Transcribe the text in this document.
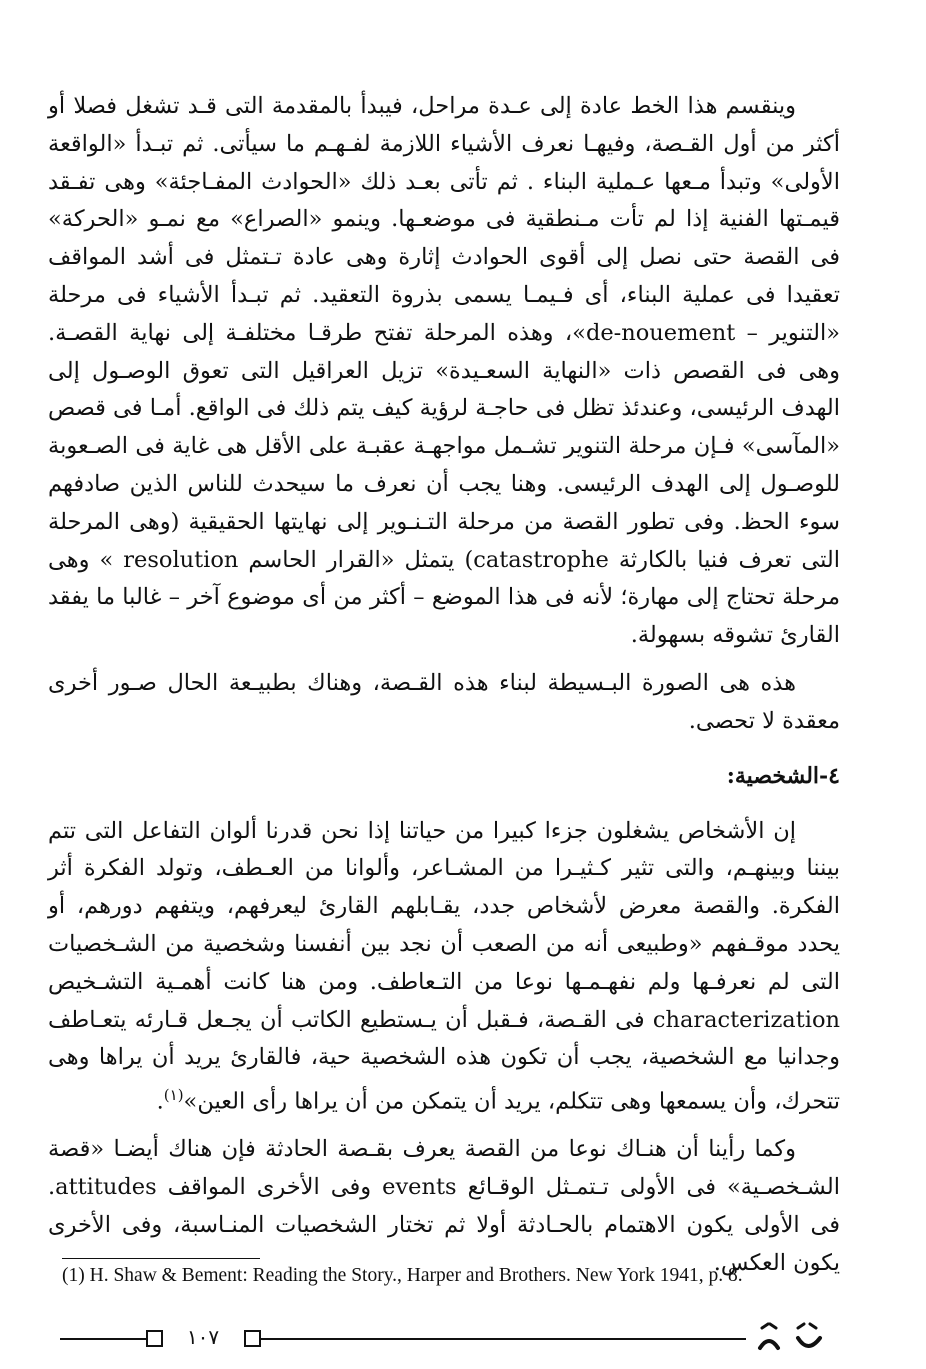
وينقسم هذا الخط عادة إلى عـدة مراحل، فيبدأ بالمقدمة التى قـد تشغل فصلا أو أكثر من أول القـصة، وفيهـا نعرف الأشياء اللازمة لفـهـم ما سيأتى. ثم تبـدأ «الواقعة الأولى» وتبدأ مـعها عـملية البناء . ثم تأتى بعـد ذلك «الحوادث المفـاجئة» وهى تفـقد قيمـتها الفنية إذا لم تأت مـنطقية فى موضعـها. وينمو «الصراع» مع نمـو «الحركة» فى القصة حتى نصل إلى أقوى الحوادث إثارة وهى عادة تـتمثل فى أشد المواقف تعقيدا فى عملية البناء، أى فـيمـا يسمى بذروة التعقيد. ثم تبـدأ الأشياء فى مرحلة «التنوير – de-nouement»، وهذه المرحلة تفتح طرقـا مختلفـة إلى نهاية القصـة. وهى فى القصص ذات «النهاية السعـيدة» تزيل العراقيل التى تعوق الوصـول إلى الهدف الرئيسى، وعندئذ تظل فى حاجـة لرؤية كيف يتم ذلك فى الواقع. أمـا فى قصص «المآسى» فـإن مرحلة التنوير تشـمل مواجهـة عقبـة على الأقل هى غاية فى الصـعوبة للوصـول إلى الهدف الرئيسى. وهنا يجب أن نعرف ما سيحدث للناس الذين صادفهم سوء الحظ. وفى تطور القصة من مرحلة التـنـوير إلى نهايتها الحقيقية (وهى المرحلة التى تعرف فنيا بالكارثة catastrophe) يتمثل «القرار الحاسم resolution » وهى مرحلة تحتاج إلى مهارة؛ لأنه فى هذا الموضع – أكثر من أى موضوع آخر – غالبا ما يفقد القارئ تشوقه بسهولة.

هذه هى الصورة البـسيطة لبناء هذه القـصة، وهناك بطبيـعة الحال صـور أخرى معقدة لا تحصى.

٤-الشخصية:

إن الأشخاص يشغلون جزءا كبيرا من حياتنا إذا نحن قدرنا ألوان التفاعل التى تتم بيننا وبينهـم، والتى تثير كـثيـرا من المشـاعر، وألوانا من العـطف، وتولد الفكرة أثر الفكرة. والقصة معرض لأشخاص جدد، يقـابلهم القارئ ليعرفهم، ويتفهم دورهم، أو يحدد موقـفهم «وطبيعى أنه من الصعب أن نجد بين أنفسنا وشخصية من الشـخصيات التى لم نعرفـها ولم نفهـمـها نوعا من التـعاطف. ومن هنا كانت أهمـية التشـخيص characterization فى القـصة، فـقبل أن يـستطيع الكاتب أن يجـعل قـارئه يتعـاطف وجدانيا مع الشخصية، يجب أن تكون هذه الشخصية حية، فالقارئ يريد أن يراها وهى تتحرك، وأن يسمعها وهى تتكلم، يريد أن يتمكن من أن يراها رأى العين»$^{(١)}$.

وكما رأينا أن هنـاك نوعا من القصة يعرف بقـصة الحادثة فإن هناك أيضـا «قصة الشـخصـية» فى الأولى تـتمـثل الوقـائع events وفى الأخرى المواقف attitudes. فى الأولى يكون الاهتمام بالحـادثة أولا ثم تختار الشخصيات المنـاسبة، وفى الأخرى يكون العكس.

(1) H. Shaw & Bement: Reading the Story., Harper and Brothers. New York 1941, p. 8.
١٠٧
